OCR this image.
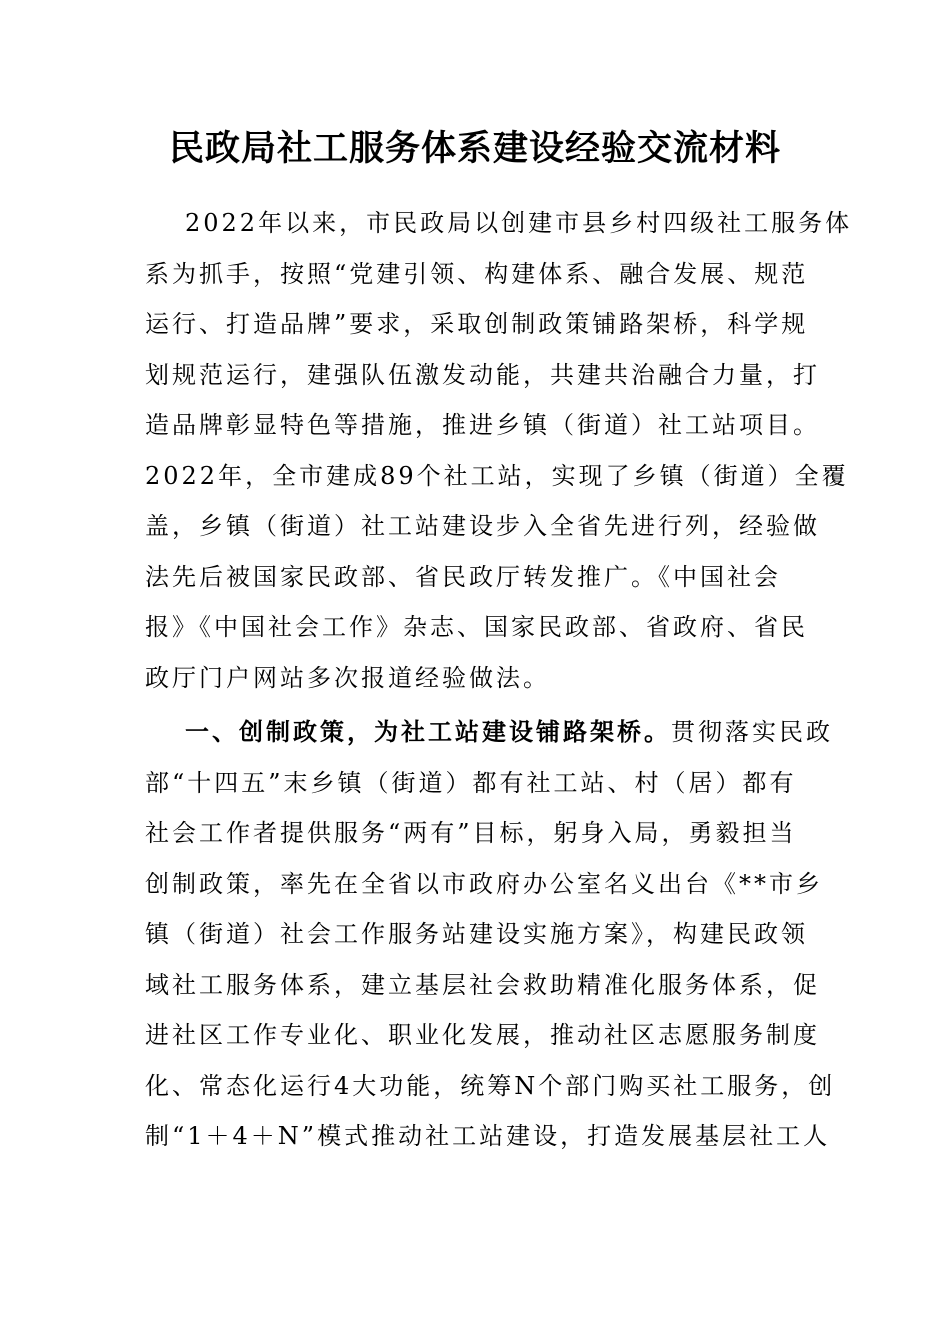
民政局社工服务体系建设经验交流材料
2022年以来，市民政局以创建市县乡村四级社工服务体
系为抓手，按照“党建引领、构建体系、融合发展、规范
运行、打造品牌”要求，采取创制政策铺路架桥，科学规
划规范运行，建强队伍激发动能，共建共治融合力量，打
造品牌彰显特色等措施，推进乡镇（街道）社工站项目。
2022年，全市建成89个社工站，实现了乡镇（街道）全覆
盖，乡镇（街道）社工站建设步入全省先进行列，经验做
法先后被国家民政部、省民政厅转发推广。《中国社会
报》《中国社会工作》杂志、国家民政部、省政府、省民
政厅门户网站多次报道经验做法。
一、创制政策，为社工站建设铺路架桥。贯彻落实民政
部“十四五”末乡镇（街道）都有社工站、村（居）都有
社会工作者提供服务“两有”目标，躬身入局，勇毅担当
创制政策，率先在全省以市政府办公室名义出台《**市乡
镇（街道）社会工作服务站建设实施方案》，构建民政领
域社工服务体系，建立基层社会救助精准化服务体系，促
进社区工作专业化、职业化发展，推动社区志愿服务制度
化、常态化运行4大功能，统筹N个部门购买社工服务，创
制“1＋4＋N”模式推动社工站建设，打造发展基层社工人
